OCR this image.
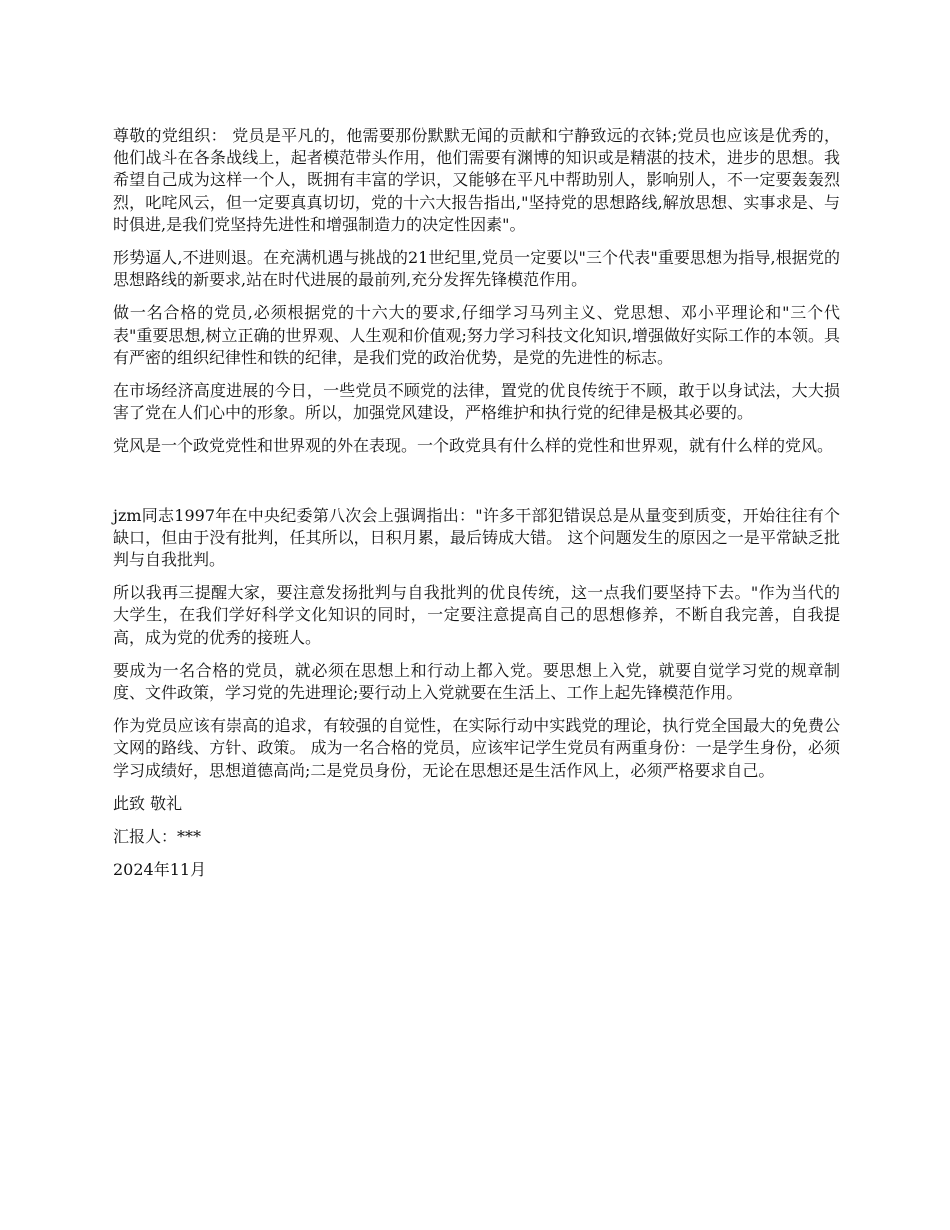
尊敬的党组织： 党员是平凡的，他需要那份默默无闻的贡献和宁静致远的衣钵;党员也应该是优秀的，他们战斗在各条战线上，起者模范带头作用，他们需要有渊博的知识或是精湛的技术，进步的思想。我希望自己成为这样一个人，既拥有丰富的学识，又能够在平凡中帮助别人，影响别人，不一定要轰轰烈烈，叱咤风云，但一定要真真切切，党的十六大报告指出,"坚持党的思想路线,解放思想、实事求是、与时俱进,是我们党坚持先进性和增强制造力的决定性因素"。

形势逼人,不进则退。在充满机遇与挑战的21世纪里,党员一定要以"三个代表"重要思想为指导,根据党的思想路线的新要求,站在时代进展的最前列,充分发挥先锋模范作用。

做一名合格的党员,必须根据党的十六大的要求,仔细学习马列主义、党思想、邓小平理论和"三个代表"重要思想,树立正确的世界观、人生观和价值观;努力学习科技文化知识,增强做好实际工作的本领。具有严密的组织纪律性和铁的纪律，是我们党的政治优势，是党的先进性的标志。

在市场经济高度进展的今日，一些党员不顾党的法律，置党的优良传统于不顾，敢于以身试法，大大损害了党在人们心中的形象。所以，加强党风建设，严格维护和执行党的纪律是极其必要的。

党风是一个政党党性和世界观的外在表现。一个政党具有什么样的党性和世界观，就有什么样的党风。

jzm同志1997年在中央纪委第八次会上强调指出："许多干部犯错误总是从量变到质变，开始往往有个缺口，但由于没有批判，任其所以，日积月累，最后铸成大错。 这个问题发生的原因之一是平常缺乏批判与自我批判。

所以我再三提醒大家，要注意发扬批判与自我批判的优良传统，这一点我们要坚持下去。"作为当代的大学生，在我们学好科学文化知识的同时，一定要注意提高自己的思想修养，不断自我完善，自我提高，成为党的优秀的接班人。

要成为一名合格的党员，就必须在思想上和行动上都入党。要思想上入党，就要自觉学习党的规章制度、文件政策，学习党的先进理论;要行动上入党就要在生活上、工作上起先锋模范作用。

作为党员应该有崇高的追求，有较强的自觉性，在实际行动中实践党的理论，执行党全国最大的免费公文网的路线、方针、政策。 成为一名合格的党员，应该牢记学生党员有两重身份：一是学生身份，必须学习成绩好，思想道德高尚;二是党员身份，无论在思想还是生活作风上，必须严格要求自己。

此致 敬礼

汇报人：***

2024年11月
